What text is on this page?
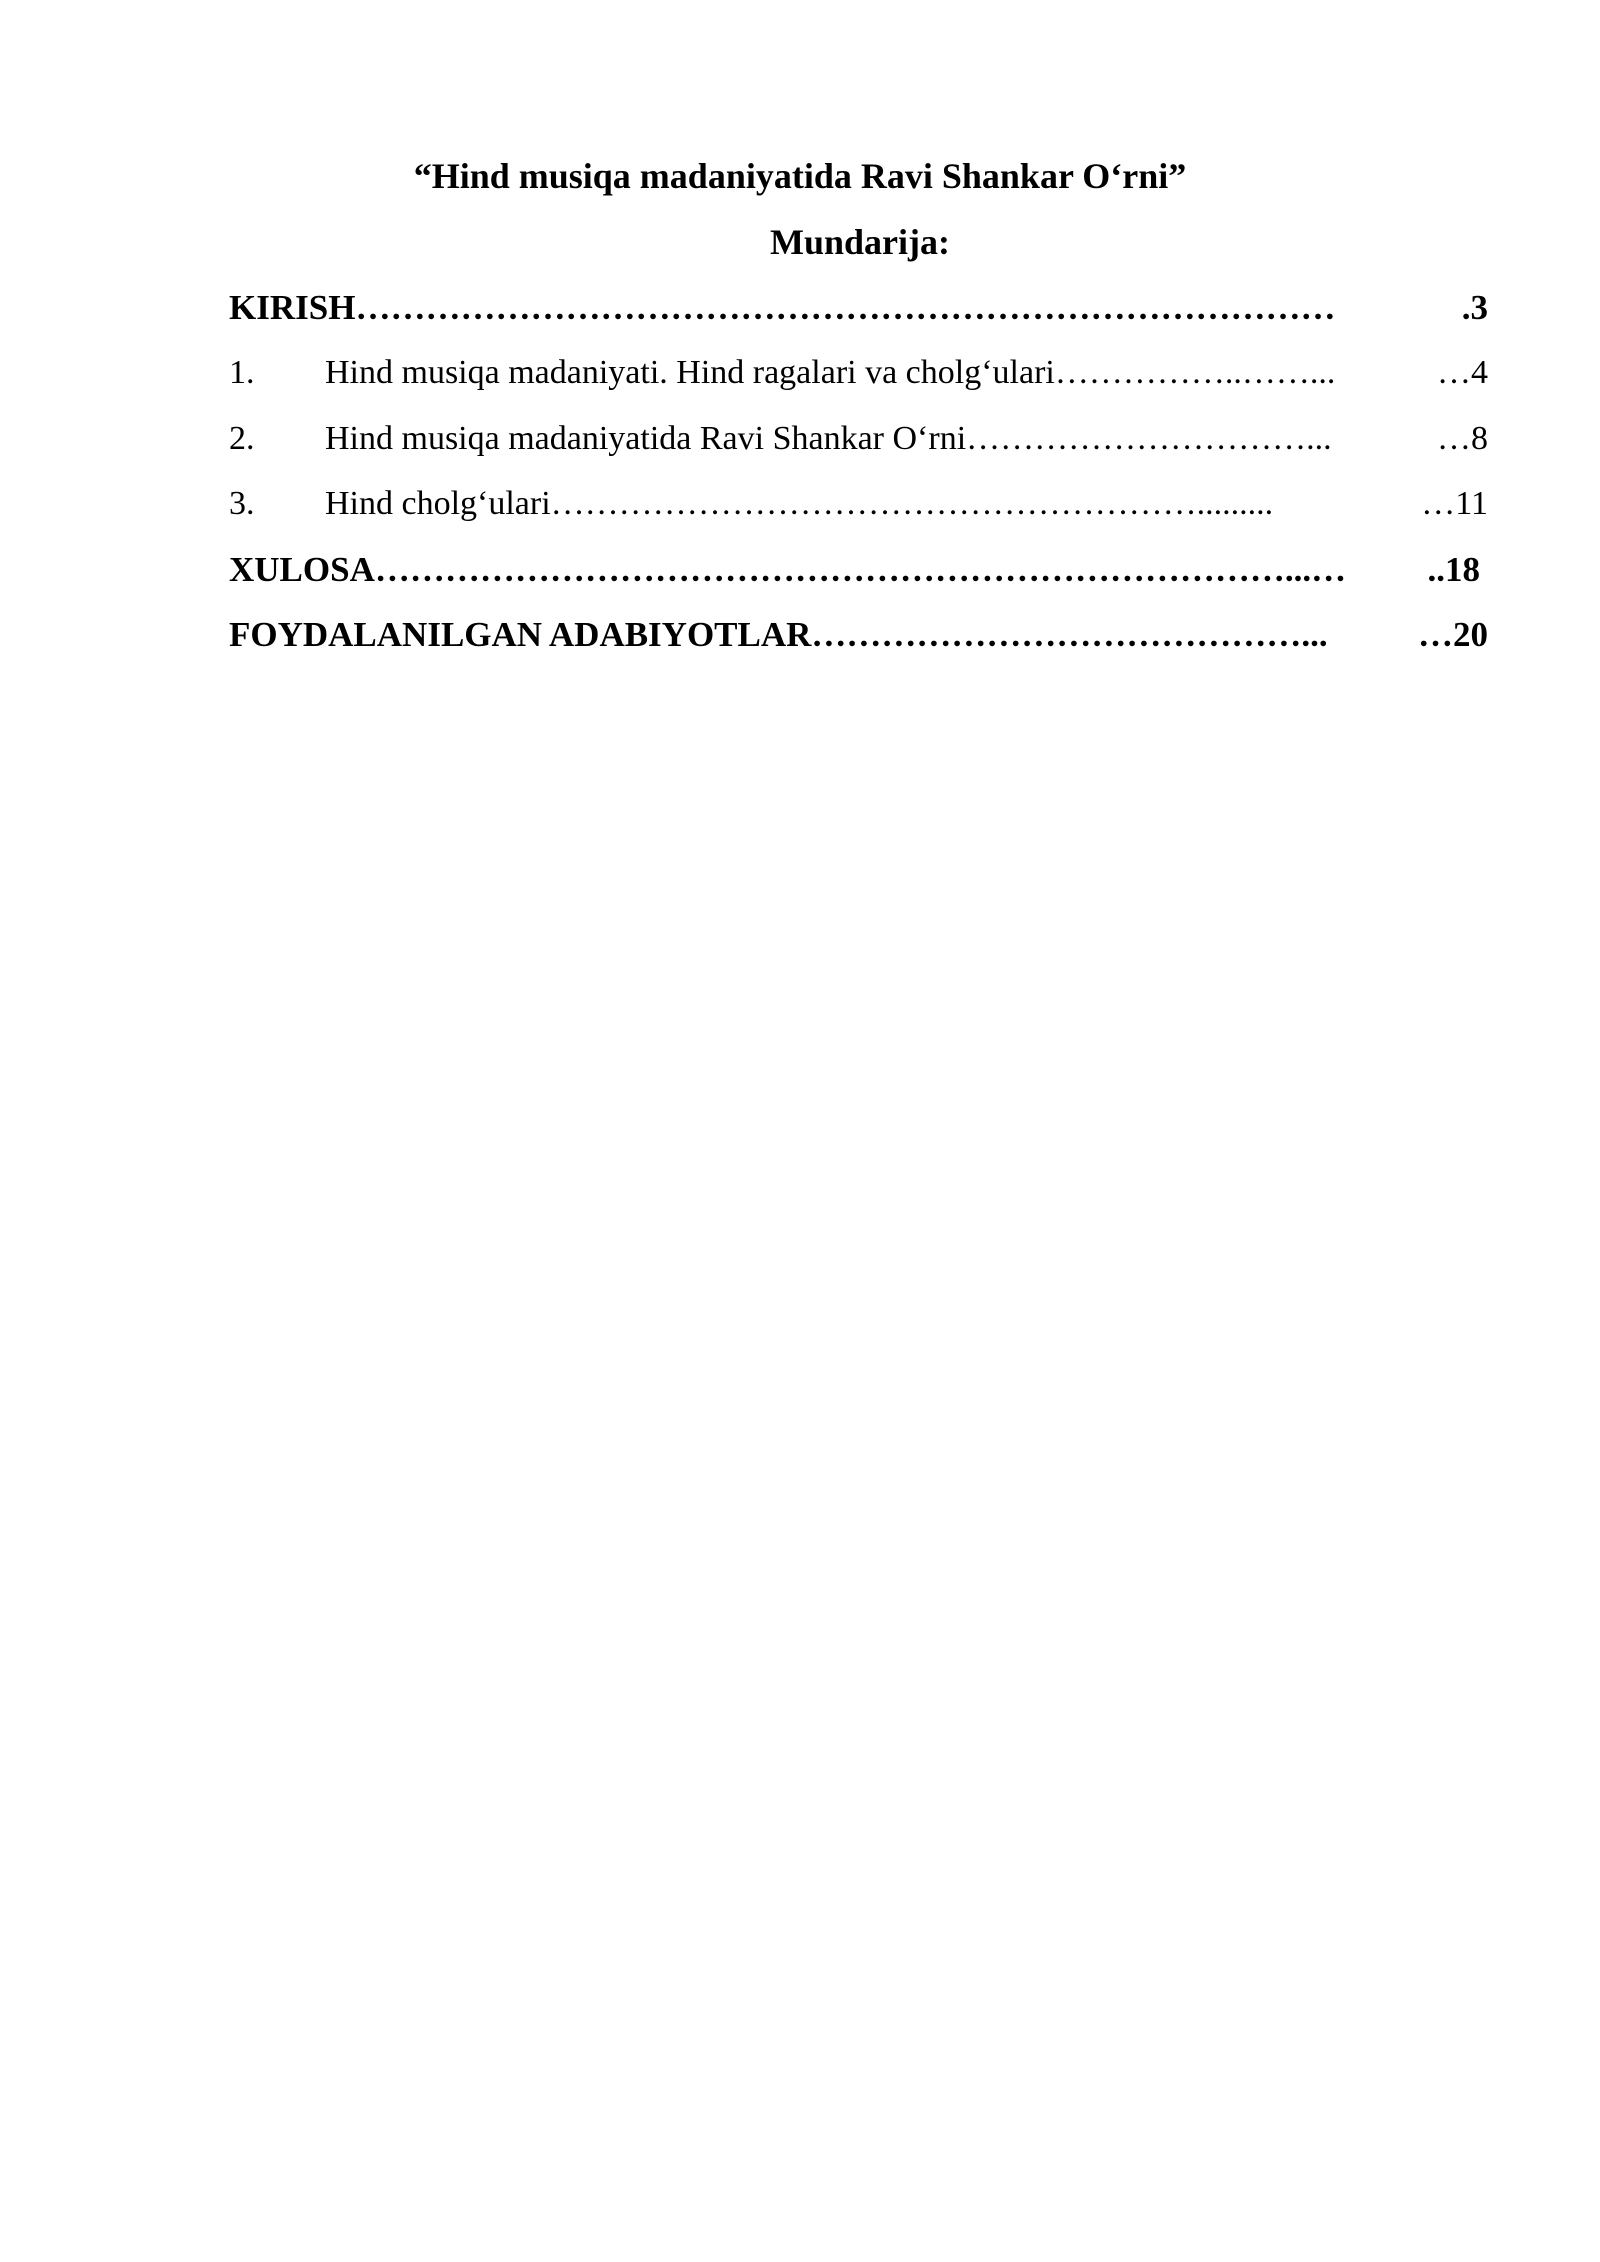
“Hind musiqa madaniyatida Ravi Shankar O‘rni”
Mundarija:
KIRISH …………………………………………………………………………	.3
1.	Hind musiqa madaniyati. Hind ragalari va cholg‘ulari ……………..……...	…4
2.	Hind musiqa madaniyatida Ravi Shankar O‘rni …………………………...	…8
3.	Hind cholg‘ulari ………………………………………………….........	…11
XULOSA ……………………………………………………………………...…	..18
FOYDALANILGAN ADABIYOTLAR ……………………………………...	…20
